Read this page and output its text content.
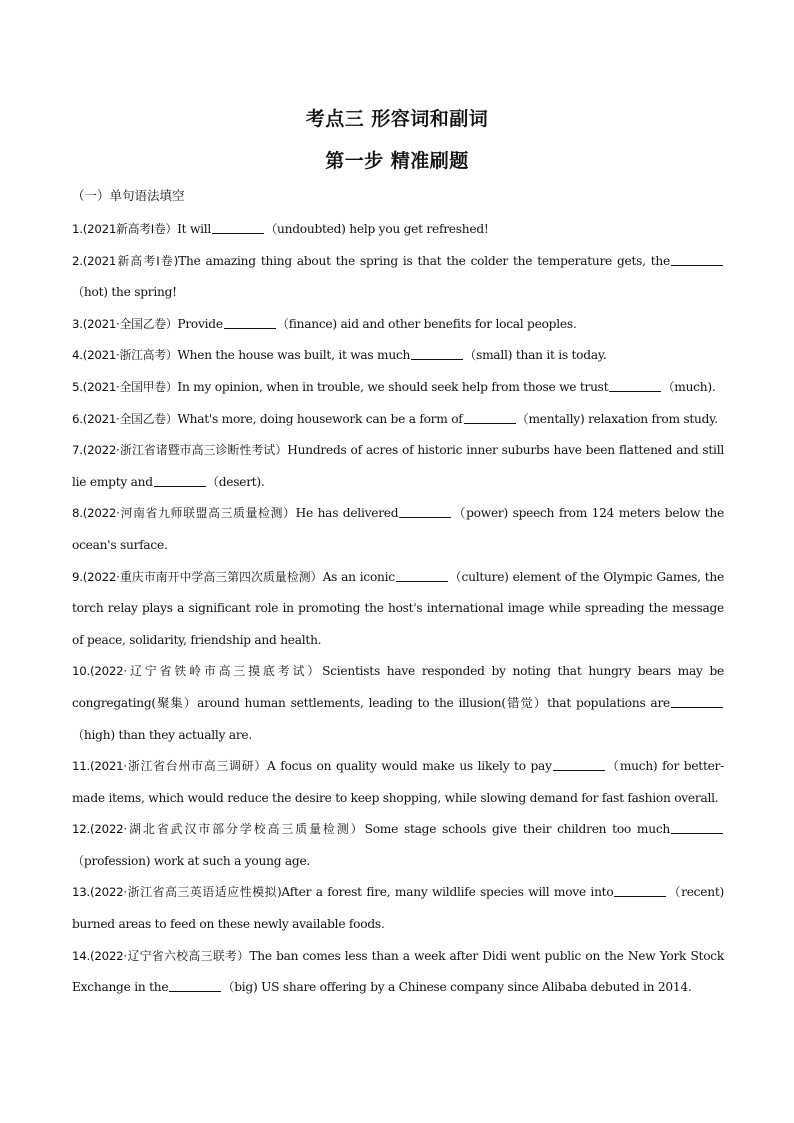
考点三 形容词和副词
第一步 精准刷题
（一）单句语法填空

1.(2021新高考Ⅰ卷）It will	（undoubted) help you get refreshed!

2.(2021新高考Ⅰ卷)The amazing thing about the spring is that the colder the temperature gets, the（hot) the spring!

3.(2021·全国乙卷）Provide	（finance) aid and other benefits for local peoples.

4.(2021·浙江高考）When the house was built, it was much	（small) than it is today.

5.(2021·全国甲卷）In my opinion, when in trouble, we should seek help from those we trust	（much).

6.(2021·全国乙卷）What's more, doing housework can be a form of	（mentally) relaxation from study.

7.(2022·浙江省诸暨市高三诊断性考试）Hundreds of acres of historic inner suburbs have been flattened and still lie empty and	（desert).

8.(2022·河南省九师联盟高三质量检测）He has delivered	（power) speech from 124 meters below the ocean's surface.

9.(2022·重庆市南开中学高三第四次质量检测）As an iconic	（culture) element of the Olympic Games, the torch relay plays a significant role in promoting the host's international image while spreading the message of peace, solidarity, friendship and health.

10.(2022·辽宁省铁岭市高三摸底考试）Scientists have responded by noting that hungry bears may be congregating(聚集）around human settlements, leading to the illusion(错觉）that populations are（high) than they actually are.

11.(2021·浙江省台州市高三调研）A focus on quality would make us likely to pay	（much) for better-made items, which would reduce the desire to keep shopping, while slowing demand for fast fashion overall.

12.(2022·湖北省武汉市部分学校高三质量检测）Some stage schools give their children too much（profession) work at such a young age.

13.(2022·浙江省高三英语适应性模拟)After a forest fire, many wildlife species will move into	（recent) burned areas to feed on these newly available foods.

14.(2022·辽宁省六校高三联考）The ban comes less than a week after Didi went public on the New York Stock Exchange in the	（big) US share offering by a Chinese company since Alibaba debuted in 2014.
